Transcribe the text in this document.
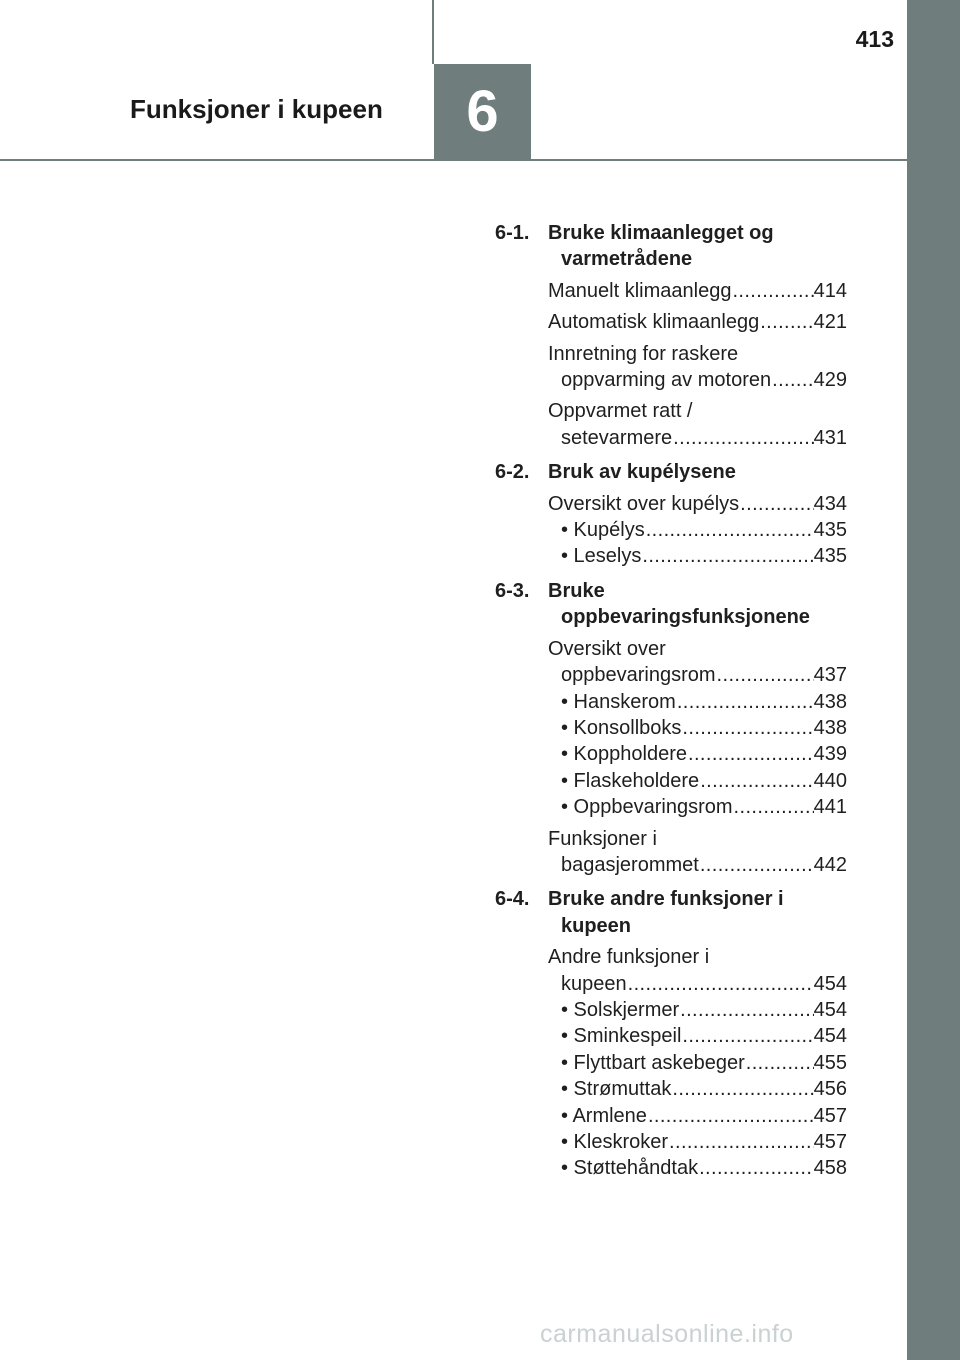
6
Funksjoner i kupeen
413
6-1. Bruke klimaanlegget og varmetrådene
Manuelt klimaanlegg .....	414
Automatisk klimaanlegg .....	421
Innretning for raskere
oppvarming av motoren ..... 429
Oppvarmet ratt /
setevarmere .....	431
6-2. Bruk av kupélysene
Oversikt over kupélys .....	434
• Kupélys .....	435
• Leselys .....	435
6-3. Bruke oppbevaringsfunksjonene
Oversikt over
oppbevaringsrom .....	437
• Hanskerom .....	438
• Konsollboks .....	438
• Koppholdere .....	439
• Flaskeholdere .....	440
• Oppbevaringsrom .....	441
Funksjoner i
bagasjerommet .....	442
6-4. Bruke andre funksjoner i kupeen
Andre funksjoner i
kupeen .....	454
• Solskjermer .....	454
• Sminkespeil .....	454
• Flyttbart askebeger .....	455
• Strømuttak .....	456
• Armlene .....	457
• Kleskroker .....	457
• Støttehåndtak .....	458
carmanualsonline.info
